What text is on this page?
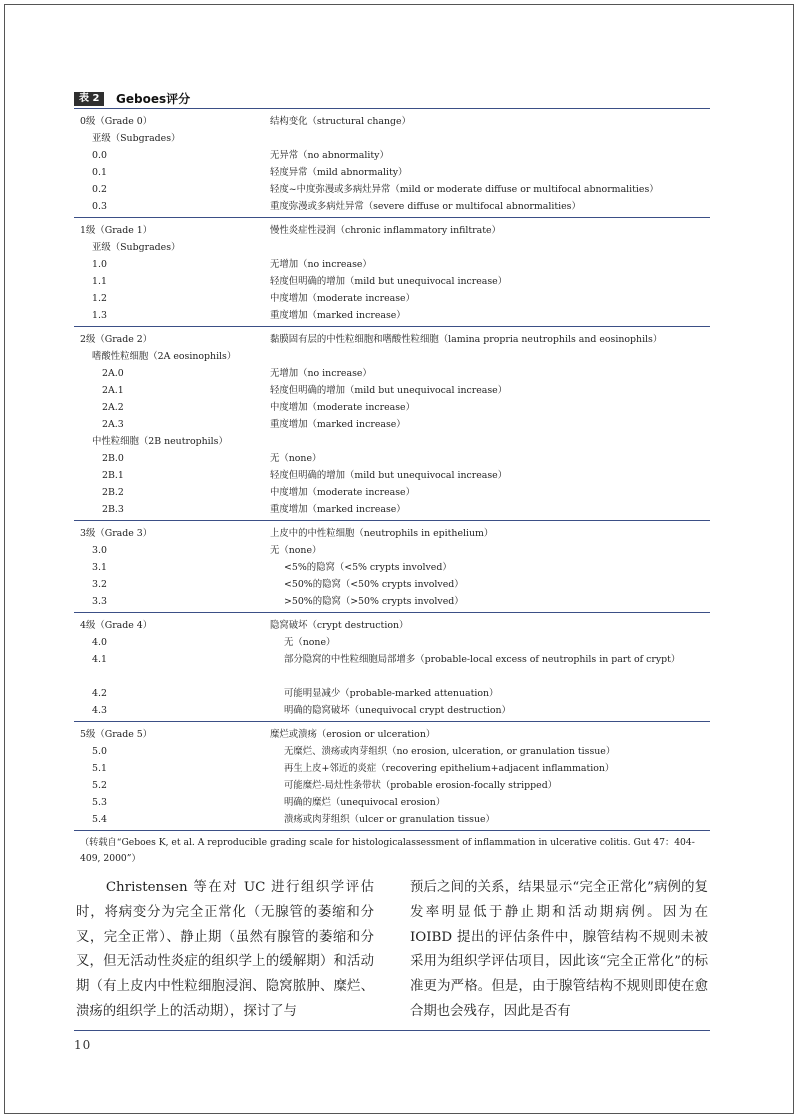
表 2	Geboes评分
0级（Grade 0）	结构变化（structural change）
亚级（Subgrades）
0.0	无异常（no abnormality）
0.1	轻度异常（mild abnormality）
0.2	轻度~中度弥漫或多病灶异常（mild or moderate diffuse or multifocal abnormalities）
0.3	重度弥漫或多病灶异常（severe diffuse or multifocal abnormalities）
1级（Grade 1）	慢性炎症性浸润（chronic inflammatory infiltrate）
亚级（Subgrades）
1.0	无增加（no increase）
1.1	轻度但明确的增加（mild but unequivocal increase）
1.2	中度增加（moderate increase）
1.3	重度增加（marked increase）
2级（Grade 2）	黏膜固有层的中性粒细胞和嗜酸性粒细胞（lamina propria neutrophils and eosinophils）
嗜酸性粒细胞（2A eosinophils）
2A.0	无增加（no increase）
2A.1	轻度但明确的增加（mild but unequivocal increase）
2A.2	中度增加（moderate increase）
2A.3	重度增加（marked increase）
中性粒细胞（2B neutrophils）
2B.0	无（none）
2B.1	轻度但明确的增加（mild but unequivocal increase）
2B.2	中度增加（moderate increase）
2B.3	重度增加（marked increase）
3级（Grade 3）	上皮中的中性粒细胞（neutrophils in epithelium）
3.0	无（none）
3.1	<5%的隐窝（<5% crypts involved）
3.2	<50%的隐窝（<50% crypts involved）
3.3	>50%的隐窝（>50% crypts involved）
4级（Grade 4）	隐窝破坏（crypt destruction）
4.0	无（none）
4.1	部分隐窝的中性粒细胞局部增多（probable-local excess of neutrophils in part of crypt）
4.2	可能明显减少（probable-marked attenuation）
4.3	明确的隐窝破坏（unequivocal crypt destruction）
5级（Grade 5）	糜烂或溃疡（erosion or ulceration）
5.0	无糜烂、溃疡或肉芽组织（no erosion, ulceration, or granulation tissue）
5.1	再生上皮+邻近的炎症（recovering epithelium+adjacent inflammation）
5.2	可能糜烂-局灶性条带状（probable erosion-focally stripped）
5.3	明确的糜烂（unequivocal erosion）
5.4	溃疡或肉芽组织（ulcer or granulation tissue）
（转载自“Geboes K, et al. A reproducible grading scale for histologicalassessment of inflammation in ulcerative colitis. Gut 47：404-409, 2000”）
　　Christensen 等在对 UC 进行组织学评估时，将病变分为完全正常化（无腺管的萎缩和分叉，完全正常）、静止期（虽然有腺管的萎缩和分叉，但无活动性炎症的组织学上的缓解期）和活动期（有上皮内中性粒细胞浸润、隐窝脓肿、糜烂、溃疡的组织学上的活动期），探讨了与
预后之间的关系，结果显示“完全正常化”病例的复发率明显低于静止期和活动期病例。因为在 IOIBD 提出的评估条件中，腺管结构不规则未被采用为组织学评估项目，因此该“完全正常化”的标准更为严格。但是，由于腺管结构不规则即使在愈合期也会残存，因此是否有
10
